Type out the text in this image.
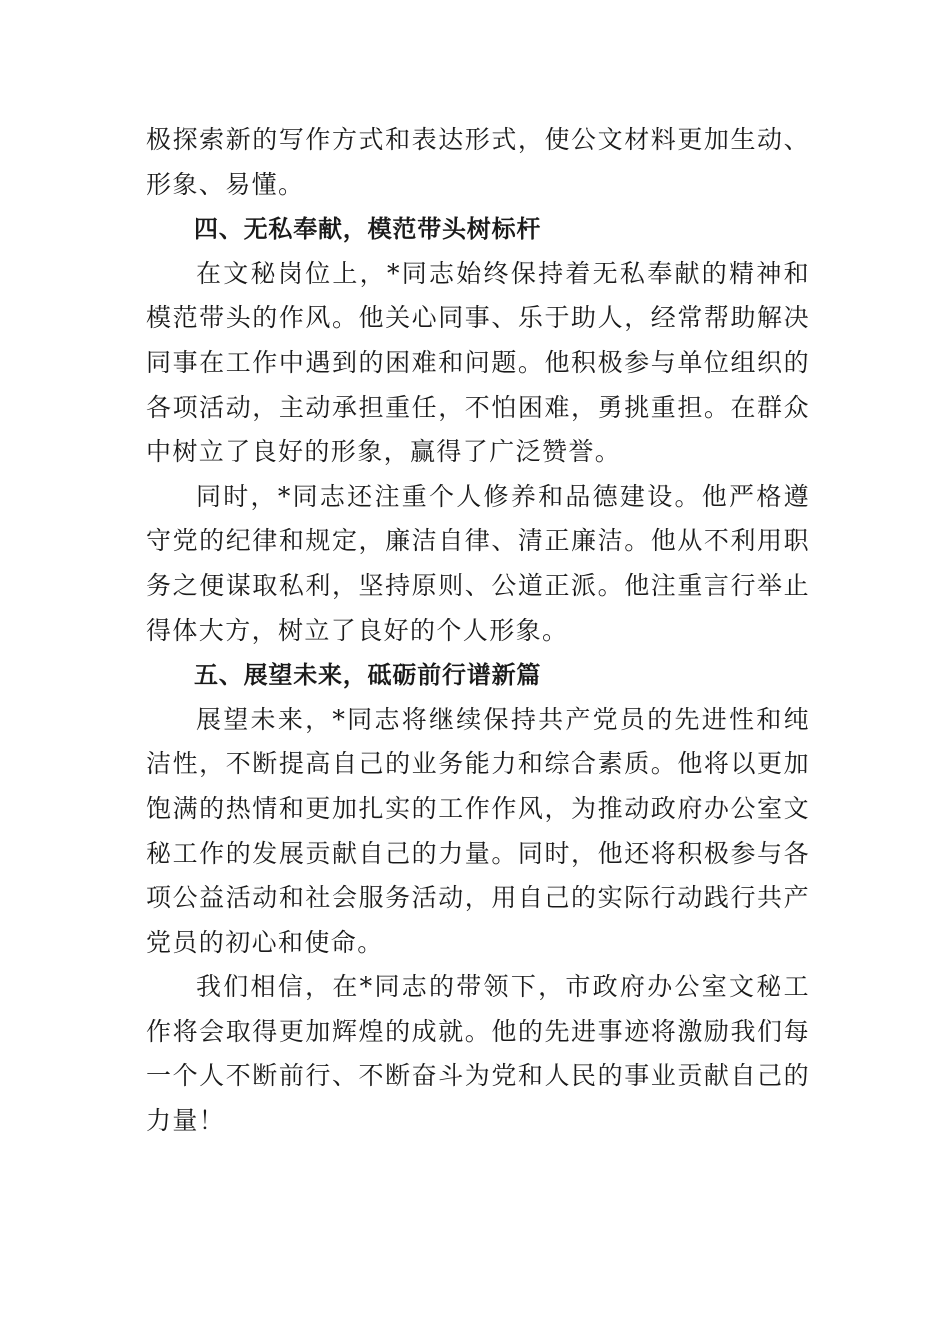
极探索新的写作方式和表达形式，使公文材料更加生动、形象、易懂。

四、无私奉献，模范带头树标杆

在文秘岗位上，*同志始终保持着无私奉献的精神和模范带头的作风。他关心同事、乐于助人，经常帮助解决同事在工作中遇到的困难和问题。他积极参与单位组织的各项活动，主动承担重任，不怕困难，勇挑重担。在群众中树立了良好的形象，赢得了广泛赞誉。

同时，*同志还注重个人修养和品德建设。他严格遵守党的纪律和规定，廉洁自律、清正廉洁。他从不利用职务之便谋取私利，坚持原则、公道正派。他注重言行举止得体大方，树立了良好的个人形象。

五、展望未来，砥砺前行谱新篇

展望未来，*同志将继续保持共产党员的先进性和纯洁性，不断提高自己的业务能力和综合素质。他将以更加饱满的热情和更加扎实的工作作风，为推动政府办公室文秘工作的发展贡献自己的力量。同时，他还将积极参与各项公益活动和社会服务活动，用自己的实际行动践行共产党员的初心和使命。

我们相信，在*同志的带领下，市政府办公室文秘工作将会取得更加辉煌的成就。他的先进事迹将激励我们每一个人不断前行、不断奋斗为党和人民的事业贡献自己的力量！
